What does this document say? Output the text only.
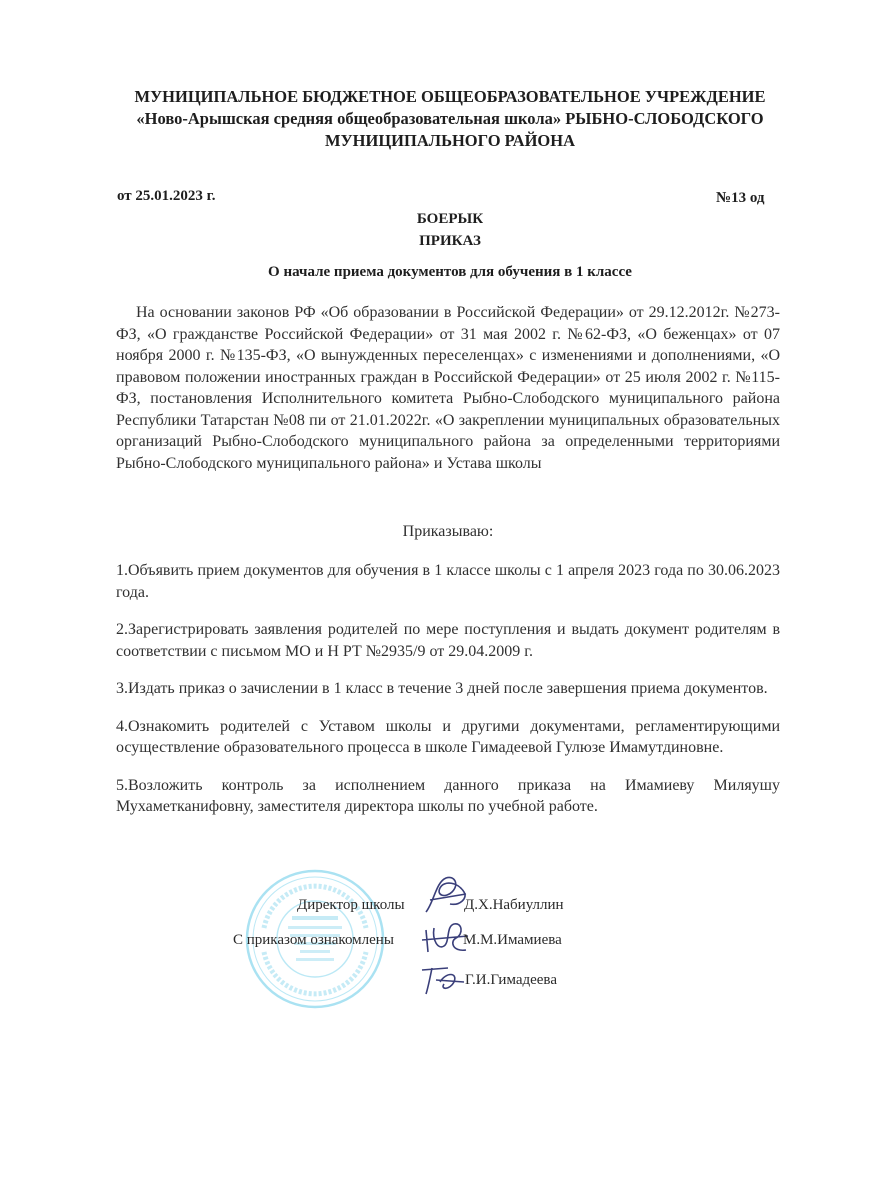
МУНИЦИПАЛЬНОЕ БЮДЖЕТНОЕ ОБЩЕОБРАЗОВАТЕЛЬНОЕ УЧРЕЖДЕНИЕ
«Ново-Арышская средняя общеобразовательная школа» РЫБНО-СЛОБОДСКОГО
МУНИЦИПАЛЬНОГО РАЙОНА
от 25.01.2023 г.	№13 од
БОЕРЫК
ПРИКАЗ
О начале приема документов для обучения в 1 классе
На основании законов РФ «Об образовании в Российской Федерации» от 29.12.2012г. №273-ФЗ, «О гражданстве Российской Федерации» от 31 мая 2002 г. №62-ФЗ, «О беженцах» от 07 ноября 2000 г. №135-ФЗ, «О вынужденных переселенцах» с изменениями и дополнениями, «О правовом положении иностранных граждан в Российской Федерации» от 25 июля 2002 г. №115-ФЗ, постановления Исполнительного комитета Рыбно-Слободского муниципального района Республики Татарстан №08 пи от 21.01.2022г. «О закреплении муниципальных образовательных организаций Рыбно-Слободского муниципального района за определенными территориями Рыбно-Слободского муниципального района» и Устава школы
Приказываю:
1.Объявить прием документов для обучения в 1 классе школы с 1 апреля 2023 года по 30.06.2023 года.
2.Зарегистрировать заявления родителей по мере поступления и выдать документ родителям в соответствии с письмом МО и Н РТ №2935/9 от 29.04.2009 г.
3.Издать приказ о зачислении в 1 класс в течение 3 дней после завершения приема документов.
4.Ознакомить родителей с Уставом школы и другими документами, регламентирующими осуществление образовательного процесса в школе Гимадеевой Гулюзе Имамутдиновне.
5.Возложить контроль за исполнением данного приказа на Имамиеву Миляушу Мухаметканифовну, заместителя директора школы по учебной работе.
Директор школы	Д.Х.Набиуллин
С приказом ознакомлены	М.М.Имамиева
Г.И.Гимадеева
